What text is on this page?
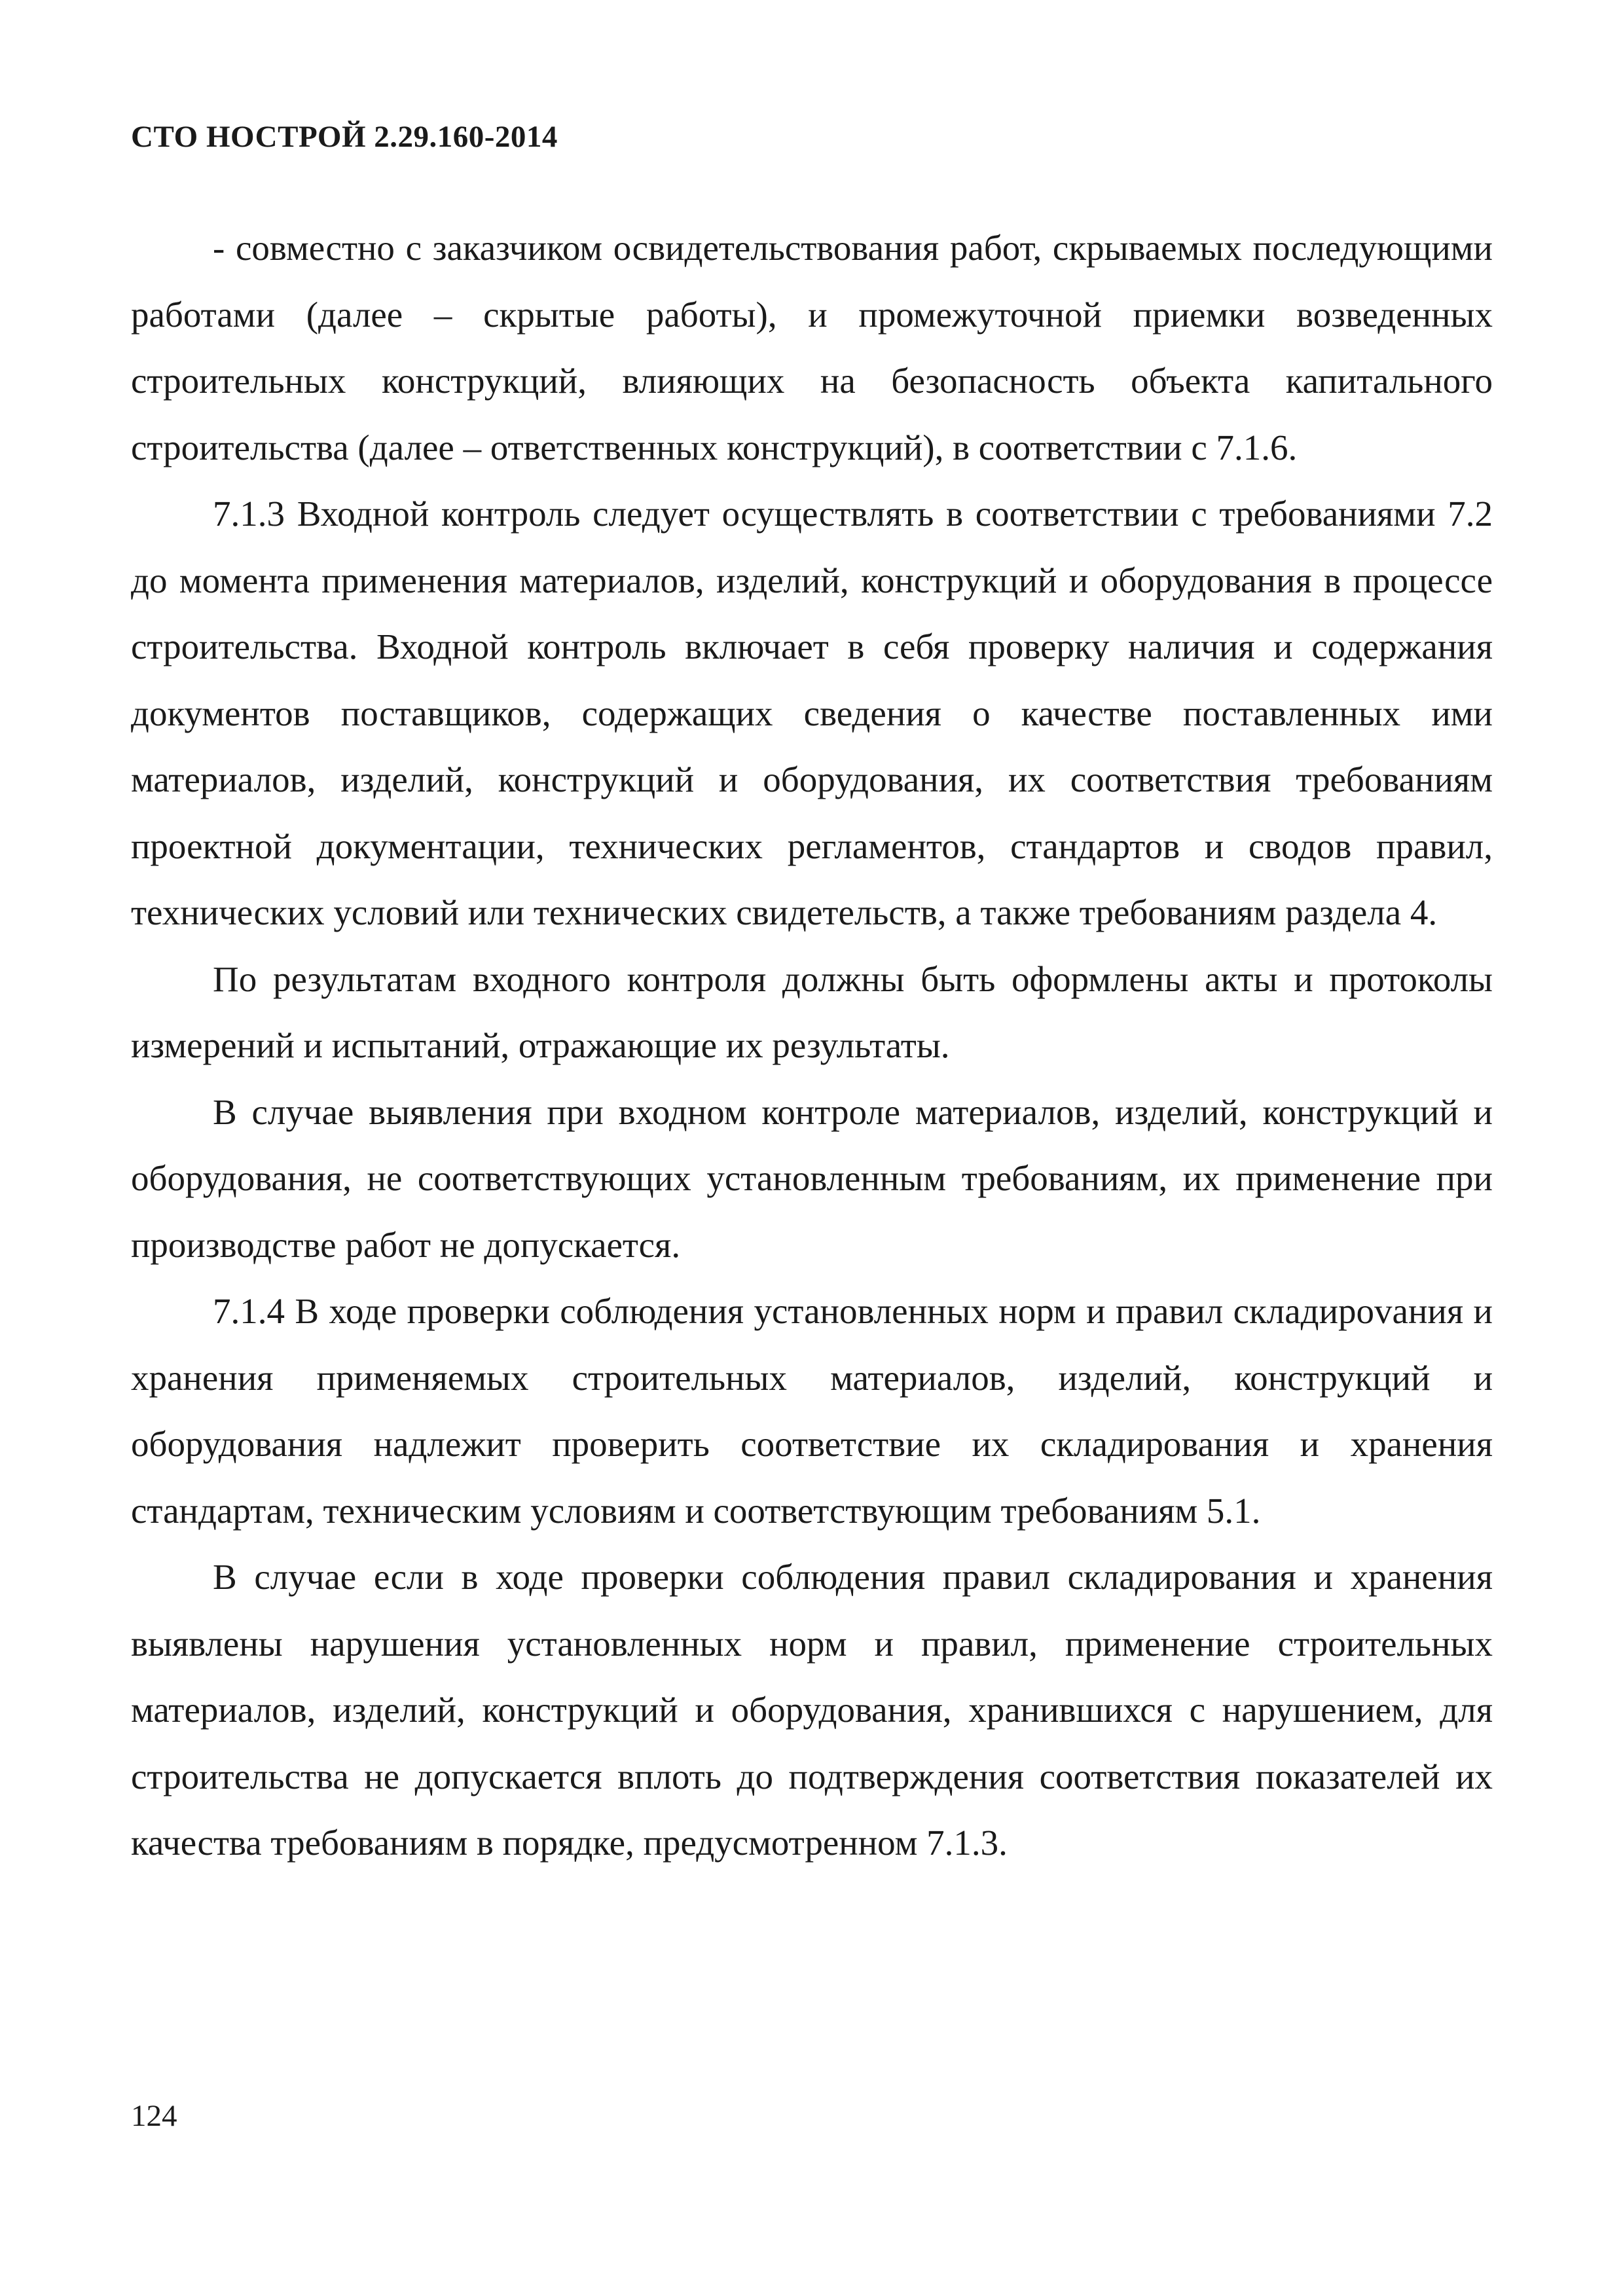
СТО НОСТРОЙ 2.29.160-2014

- совместно с заказчиком освидетельствования работ, скрываемых последующими работами (далее – скрытые работы), и промежуточной приемки возведенных строительных конструкций, влияющих на безопасность объекта капитального строительства (далее – ответственных конструкций), в соответствии с 7.1.6.

7.1.3 Входной контроль следует осуществлять в соответствии с требованиями 7.2 до момента применения материалов, изделий, конструкций и оборудования в процессе строительства. Входной контроль включает в себя проверку наличия и содержания документов поставщиков, содержащих сведения о качестве поставленных ими материалов, изделий, конструкций и оборудования, их соответствия требованиям проектной документации, технических регламентов, стандартов и сводов правил, технических условий или технических свидетельств, а также требованиям раздела 4.

По результатам входного контроля должны быть оформлены акты и протоколы измерений и испытаний, отражающие их результаты.

В случае выявления при входном контроле материалов, изделий, конструкций и оборудования, не соответствующих установленным требованиям, их применение при производстве работ не допускается.

7.1.4 В ходе проверки соблюдения установленных норм и правил складироvания и хранения применяемых строительных материалов, изделий, конструкций и оборудования надлежит проверить соответствие их складирования и хранения стандартам, техническим условиям и соответствующим требованиям 5.1.

В случае если в ходе проверки соблюдения правил складирования и хранения выявлены нарушения установленных норм и правил, применение строительных материалов, изделий, конструкций и оборудования, хранившихся с нарушением, для строительства не допускается вплоть до подтверждения соответствия показателей их качества требованиям в порядке, предусмотренном 7.1.3.

124
